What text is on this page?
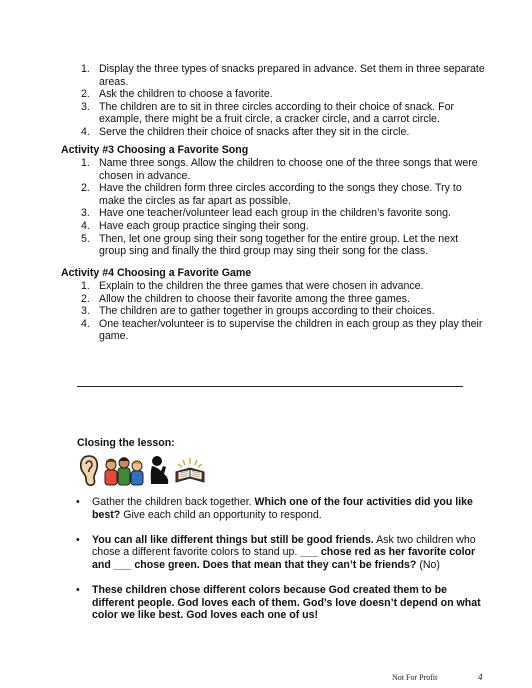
1. Display the three types of snacks prepared in advance. Set them in three separate areas.
2. Ask the children to choose a favorite.
3. The children are to sit in three circles according to their choice of snack. For example, there might be a fruit circle, a cracker circle, and a carrot circle.
4. Serve the children their choice of snacks after they sit in the circle.
Activity #3 Choosing a Favorite Song
1. Name three songs. Allow the children to choose one of the three songs that were chosen in advance.
2. Have the children form three circles according to the songs they chose. Try to make the circles as far apart as possible.
3. Have one teacher/volunteer lead each group in the children’s favorite song.
4. Have each group practice singing their song.
5. Then, let one group sing their song together for the entire group. Let the next group sing and finally the third group may sing their song for the class.
Activity #4 Choosing a Favorite Game
1. Explain to the children the three games that were chosen in advance.
2. Allow the children to choose their favorite among the three games.
3. The children are to gather together in groups according to their choices.
4. One teacher/volunteer is to supervise the children in each group as they play their game.
Closing the lesson:
• Gather the children back together. Which one of the four activities did you like best? Give each child an opportunity to respond.
• You can all like different things but still be good friends. Ask two children who chose a different favorite colors to stand up. ___ chose red as her favorite color and ___ chose green. Does that mean that they can’t be friends? (No)
• These children chose different colors because God created them to be different people. God loves each of them. God’s love doesn’t depend on what color we like best. God loves each one of us!
Not For Profit	4
